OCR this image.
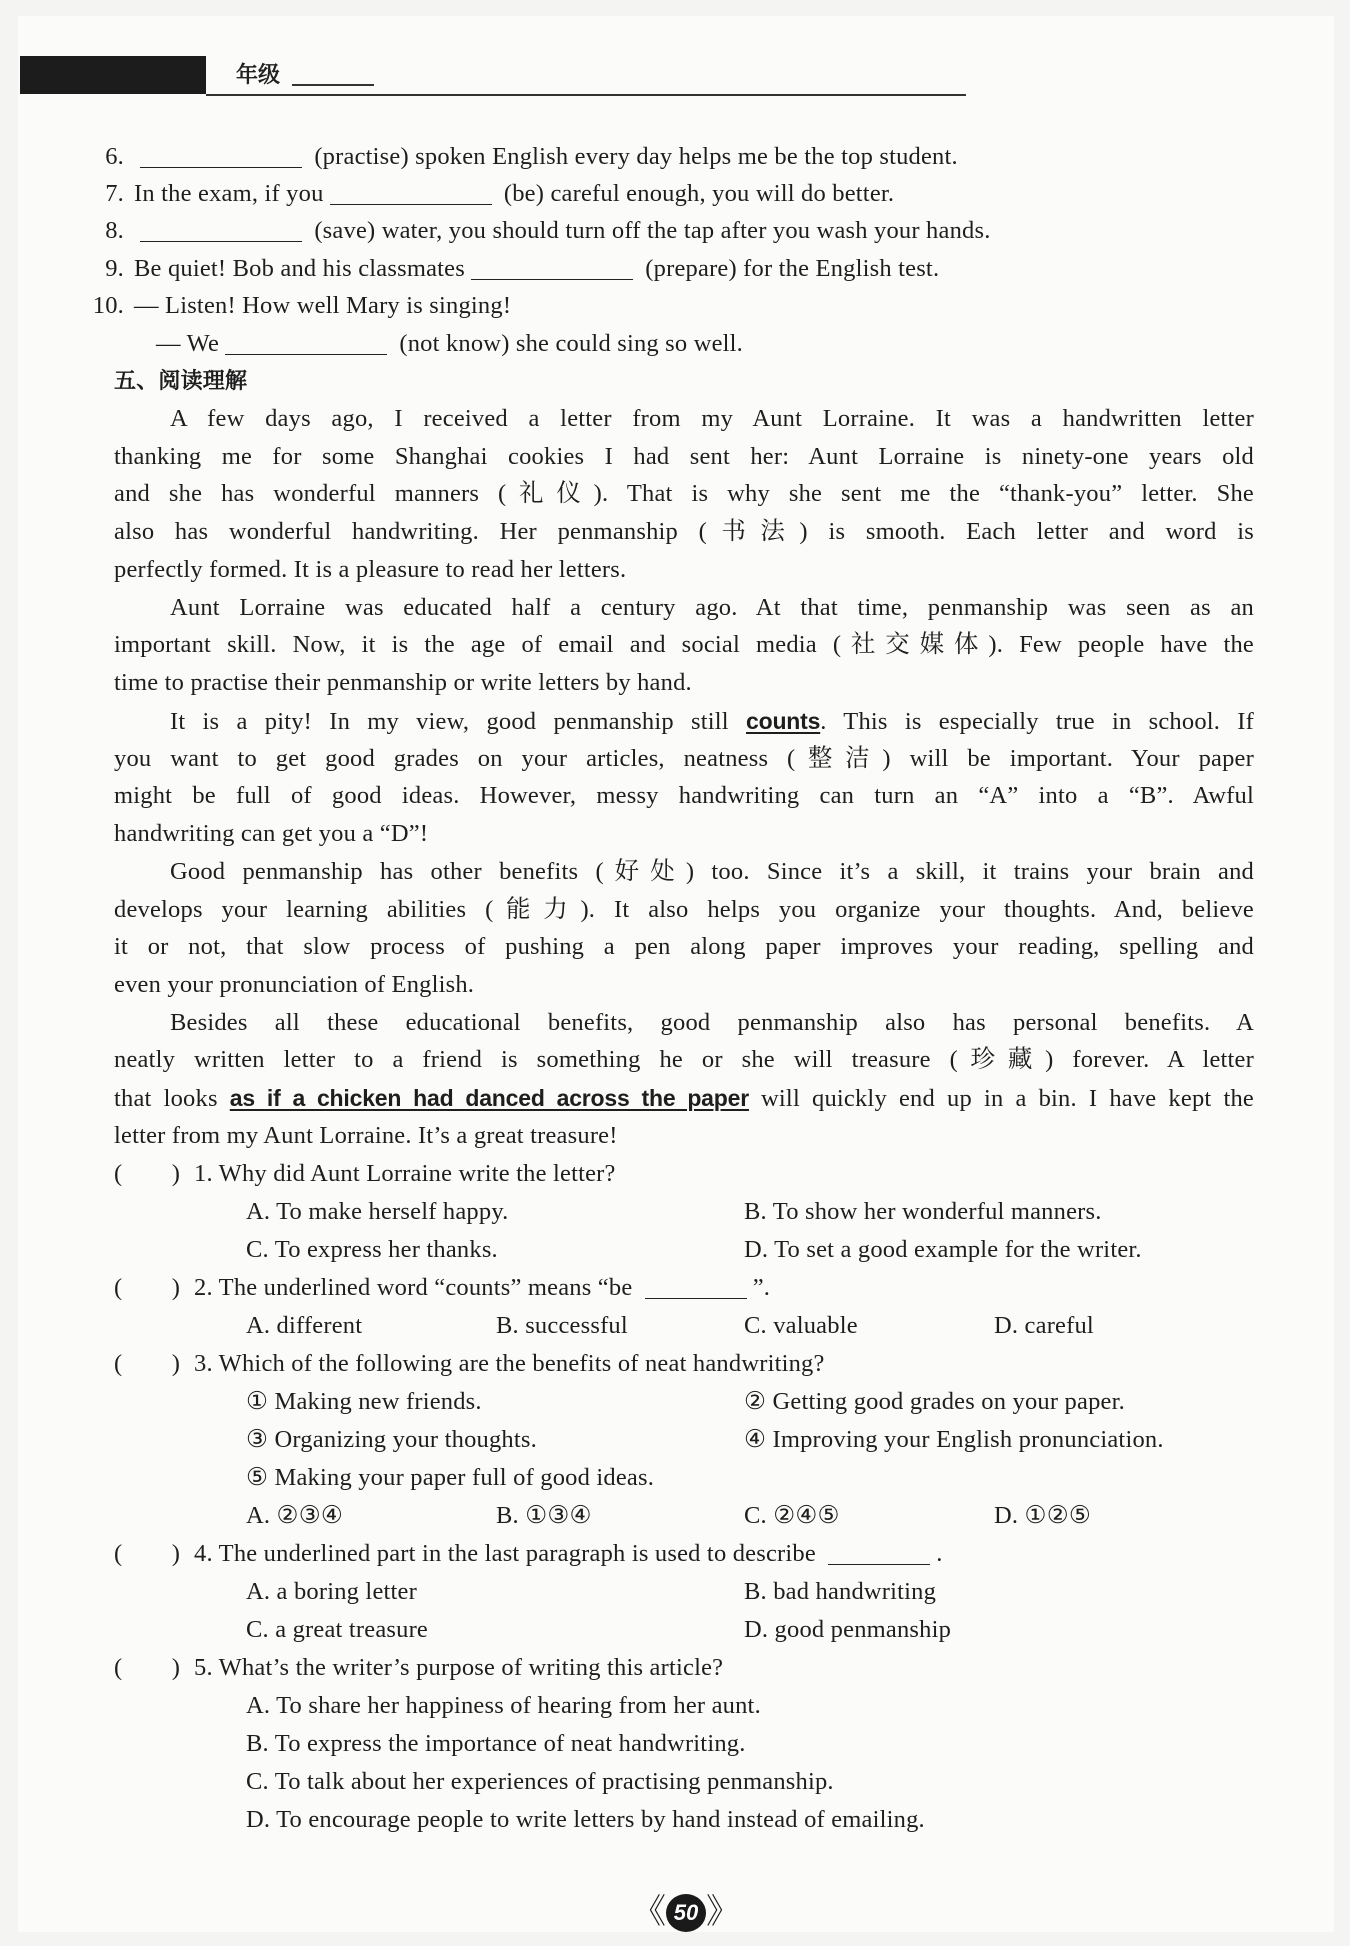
年级
6.	(practise) spoken English every day helps me be the top student.
7. In the exam, if you	(be) careful enough, you will do better.
8.	(save) water, you should turn off the tap after you wash your hands.
9. Be quiet! Bob and his classmates	(prepare) for the English test.
10. — Listen! How well Mary is singing!
— We	(not know) she could sing so well.
五、阅读理解
A few days ago, I received a letter from my Aunt Lorraine. It was a handwritten letter
thanking me for some Shanghai cookies I had sent her: Aunt Lorraine is ninety-one years old
and she has wonderful manners (礼仪). That is why she sent me the “thank-you” letter. She
also has wonderful handwriting. Her penmanship (书法) is smooth. Each letter and word is
perfectly formed. It is a pleasure to read her letters.
Aunt Lorraine was educated half a century ago. At that time, penmanship was seen as an
important skill. Now, it is the age of email and social media (社交媒体). Few people have the
time to practise their penmanship or write letters by hand.
It is a pity! In my view, good penmanship still counts. This is especially true in school. If
you want to get good grades on your articles, neatness (整洁) will be important. Your paper
might be full of good ideas. However, messy handwriting can turn an “A” into a “B”. Awful
handwriting can get you a “D”!
Good penmanship has other benefits (好处) too. Since it’s a skill, it trains your brain and
develops your learning abilities (能力). It also helps you organize your thoughts. And, believe
it or not, that slow process of pushing a pen along paper improves your reading, spelling and
even your pronunciation of English.
Besides all these educational benefits, good penmanship also has personal benefits. A
neatly written letter to a friend is something he or she will treasure (珍藏) forever. A letter
that looks as if a chicken had danced across the paper will quickly end up in a bin. I have kept the
letter from my Aunt Lorraine. It’s a great treasure!
(　　) 1. Why did Aunt Lorraine write the letter?
A. To make herself happy.	B. To show her wonderful manners.
C. To express her thanks.	D. To set a good example for the writer.
(　　) 2. The underlined word “counts” means “be	”.
A. different	B. successful	C. valuable	D. careful
(　　) 3. Which of the following are the benefits of neat handwriting?
① Making new friends.	② Getting good grades on your paper.
③ Organizing your thoughts.	④ Improving your English pronunciation.
⑤ Making your paper full of good ideas.
A. ②③④	B. ①③④	C. ②④⑤	D. ①②⑤
(　　) 4. The underlined part in the last paragraph is used to describe	.
A. a boring letter	B. bad handwriting
C. a great treasure	D. good penmanship
(　　) 5. What’s the writer’s purpose of writing this article?
A. To share her happiness of hearing from her aunt.
B. To express the importance of neat handwriting.
C. To talk about her experiences of practising penmanship.
D. To encourage people to write letters by hand instead of emailing.
《 50 》
